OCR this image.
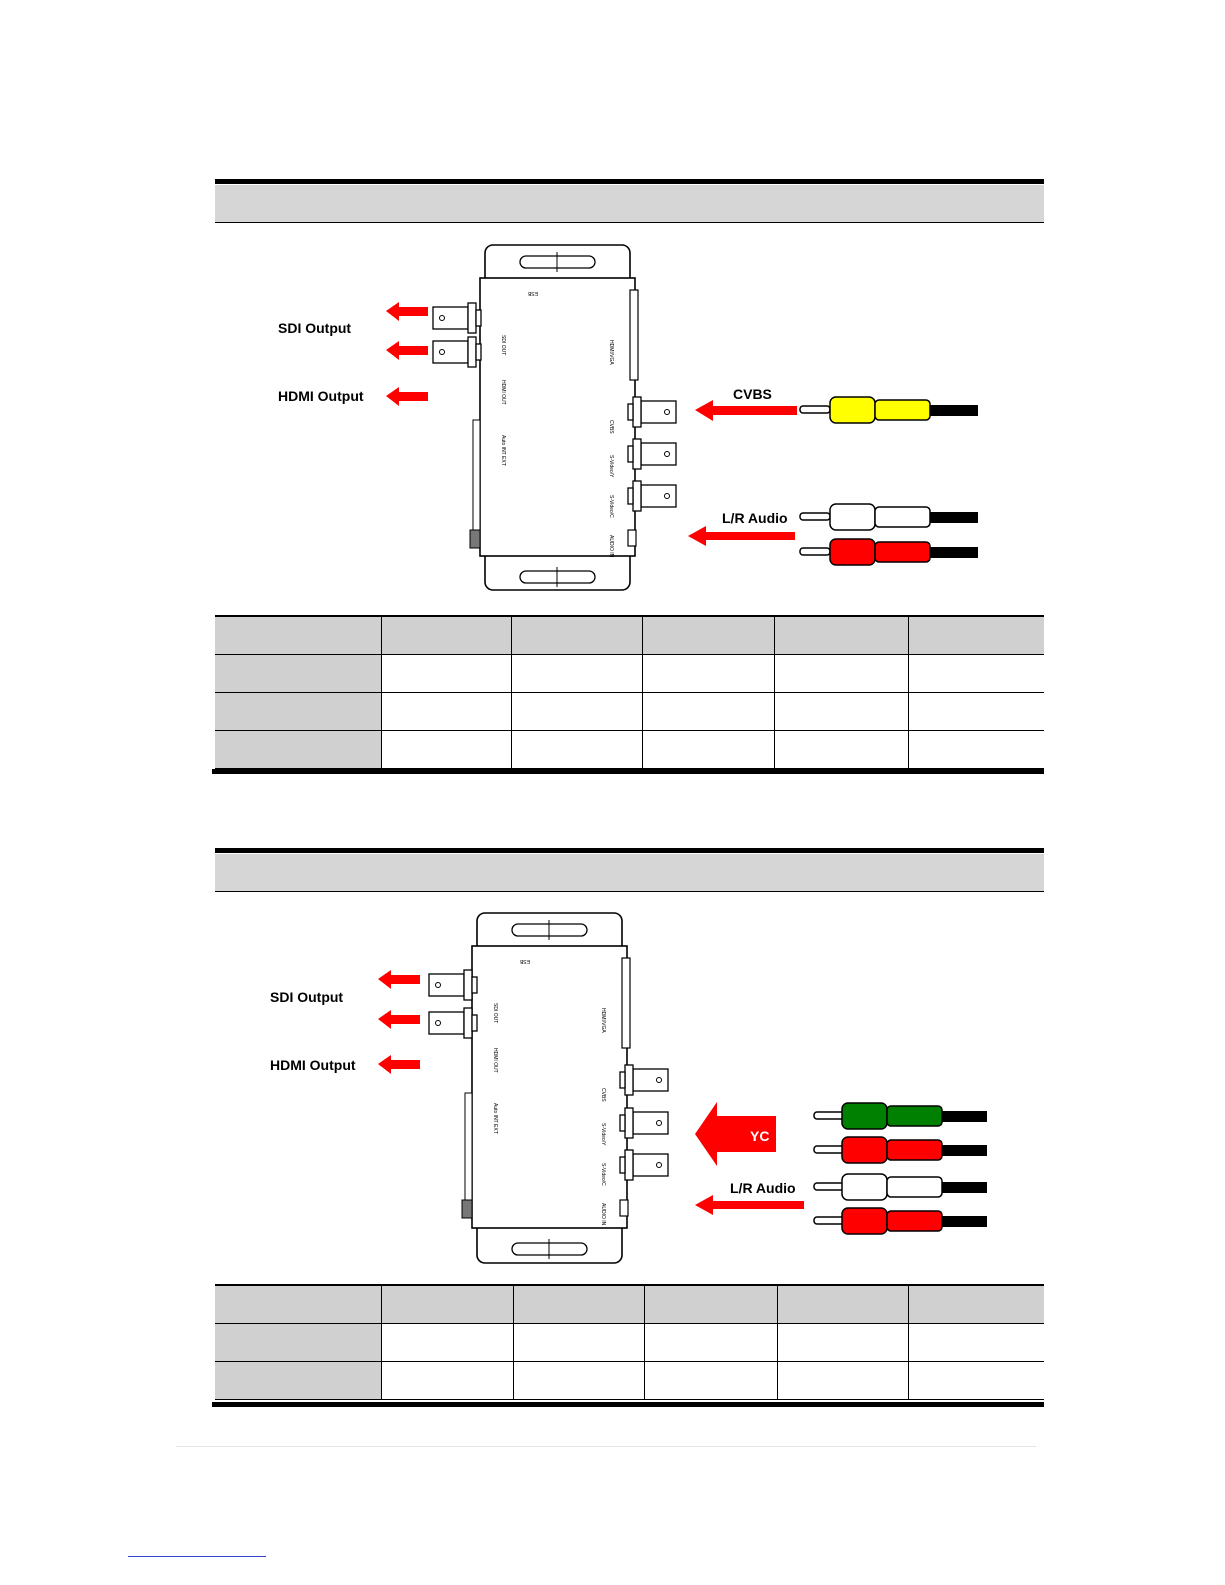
ESB
SDI OUT
HDMI OUT
Auto INT EXT
HDMI/VGA
CVBS
S-Video/Y
S-Video/C
AUDIO IN
SDI Output
HDMI Output	CVBS
L/R Audio

ESB
SDI OUT
HDMI OUT
Auto INT EXT
HDMI/VGA
CVBS
S-Video/Y
S-Video/C
AUDIO IN
SDI Output
HDMI Output
YC
L/R Audio
